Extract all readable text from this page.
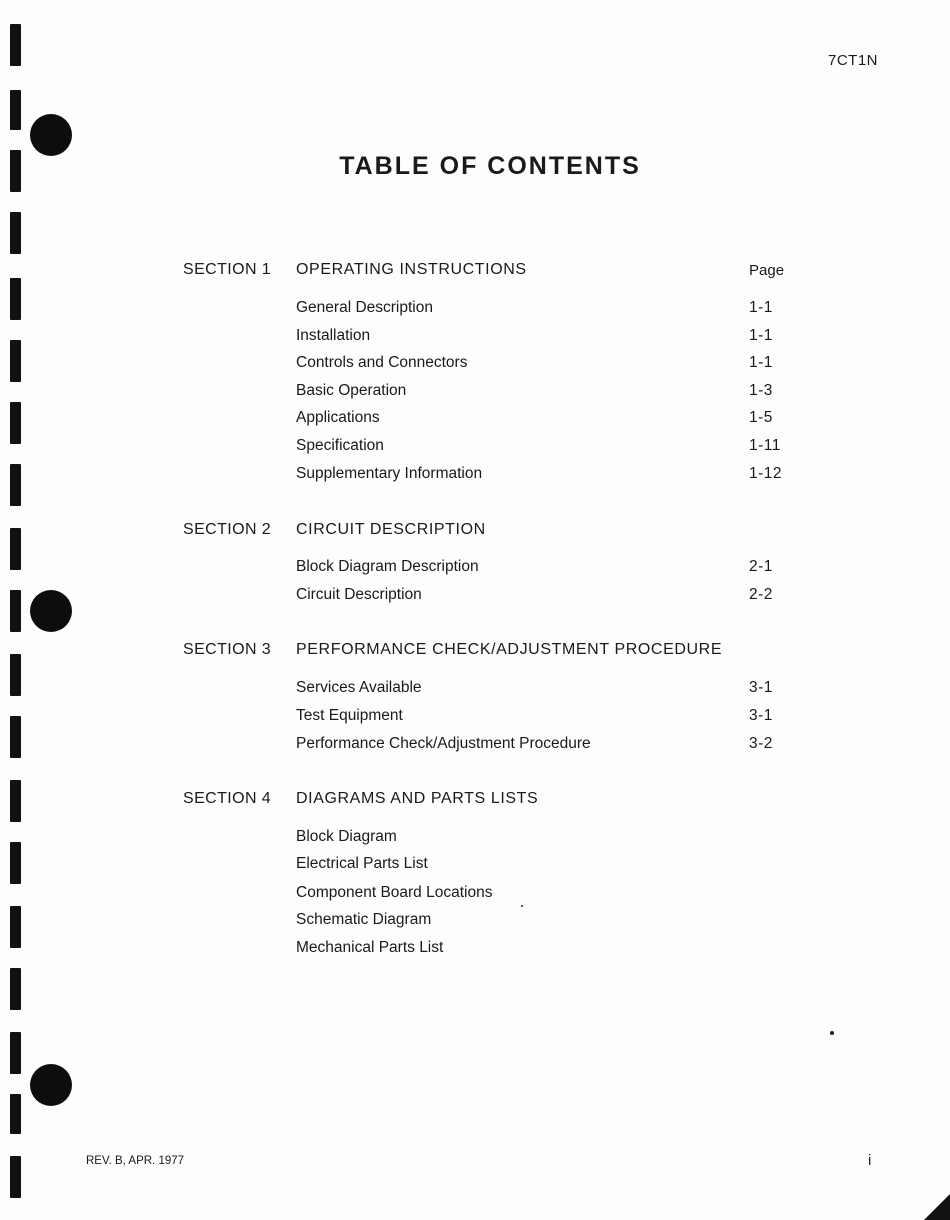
7CT1N
TABLE OF CONTENTS
Page
SECTION 1 OPERATING INSTRUCTIONS
General Description	1-1
Installation	1-1
Controls and Connectors	1-1
Basic Operation	1-3
Applications	1-5
Specification	1-11
Supplementary Information	1-12
SECTION 2 CIRCUIT DESCRIPTION
Block Diagram Description	2-1
Circuit Description	2-2
SECTION 3 PERFORMANCE CHECK/ADJUSTMENT PROCEDURE
Services Available	3-1
Test Equipment	3-1
Performance Check/Adjustment Procedure	3-2
SECTION 4 DIAGRAMS AND PARTS LISTS
Block Diagram
Electrical Parts List
Component Board Locations
Schematic Diagram
Mechanical Parts List
REV. B, APR. 1977	i
